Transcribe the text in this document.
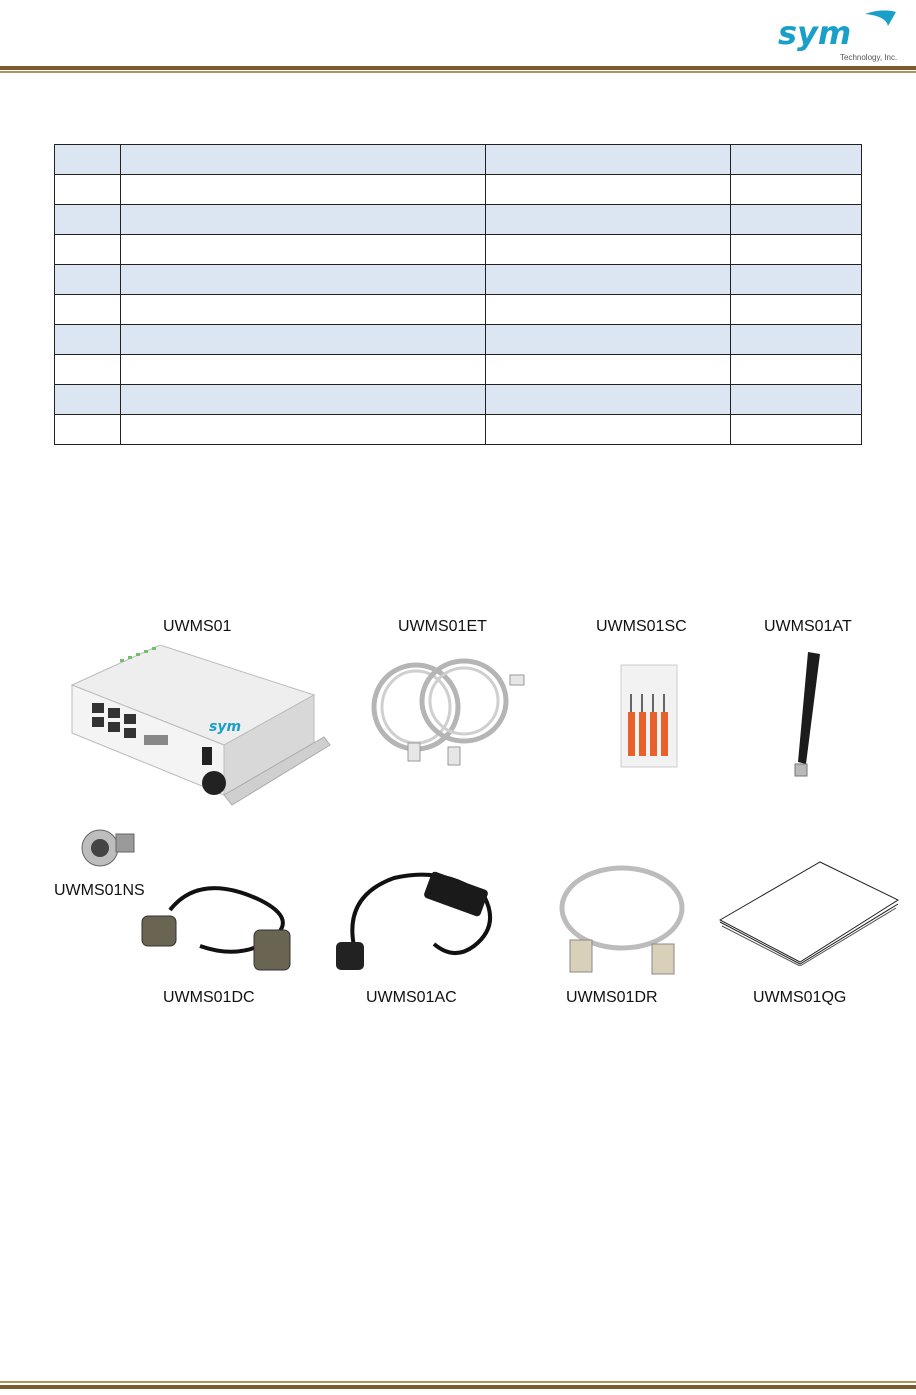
sym
Technology, Inc.

UWMS01	UWMS01ET	UWMS01SC	UWMS01AT
UWMS01NS
UWMS01DC	UWMS01AC	UWMS01DR	UWMS01QG
sym
